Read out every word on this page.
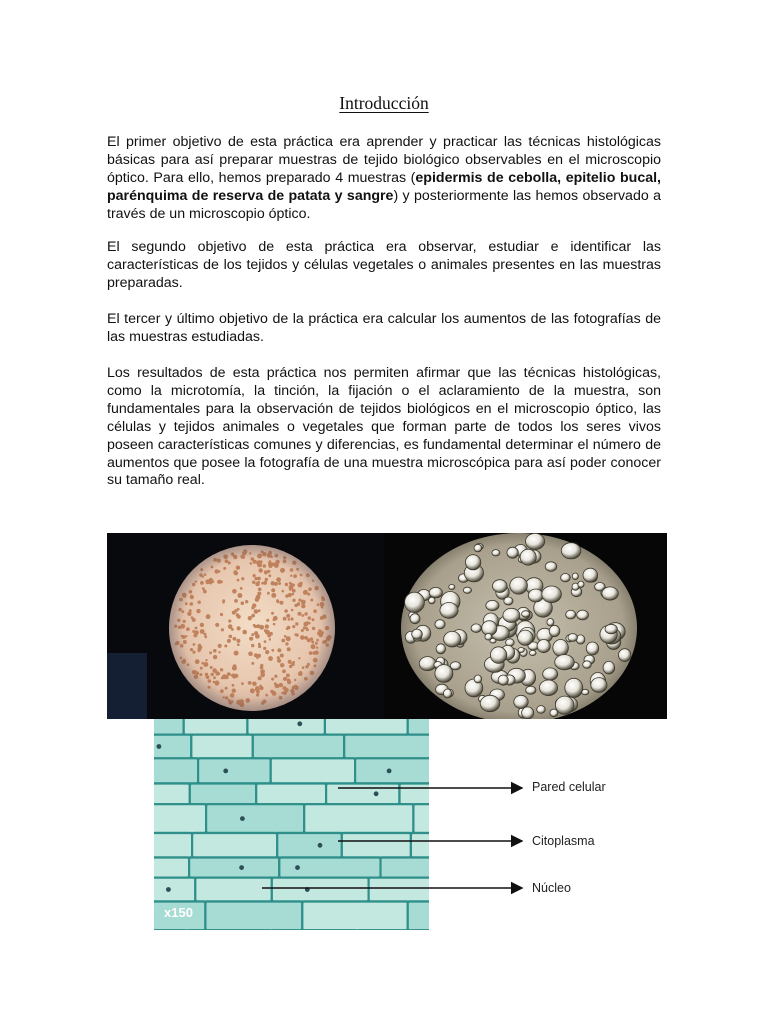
Introducción

El primer objetivo de esta práctica era aprender y practicar las técnicas histológicas básicas para así preparar muestras de tejido biológico observables en el microscopio óptico. Para ello, hemos preparado 4 muestras (epidermis de cebolla, epitelio bucal, parénquima de reserva de patata y sangre) y posteriormente las hemos observado a través de un microscopio óptico.

El segundo objetivo de esta práctica era observar, estudiar e identificar las características de los tejidos y células vegetales o animales presentes en las muestras preparadas.

El tercer y último objetivo de la práctica era calcular los aumentos de las fotografías de las muestras estudiadas.

Los resultados de esta práctica nos permiten afirmar que las técnicas histológicas, como la microtomía, la tinción, la fijación o el aclaramiento de la muestra, son fundamentales para la observación de tejidos biológicos en el microscopio óptico, las células y tejidos animales o vegetales que forman parte de todos los seres vivos poseen características comunes y diferencias, es fundamental determinar el número de aumentos que posee la fotografía de una muestra microscópica para así poder conocer su tamaño real.

x150
Pared celular
Citoplasma
Núcleo
